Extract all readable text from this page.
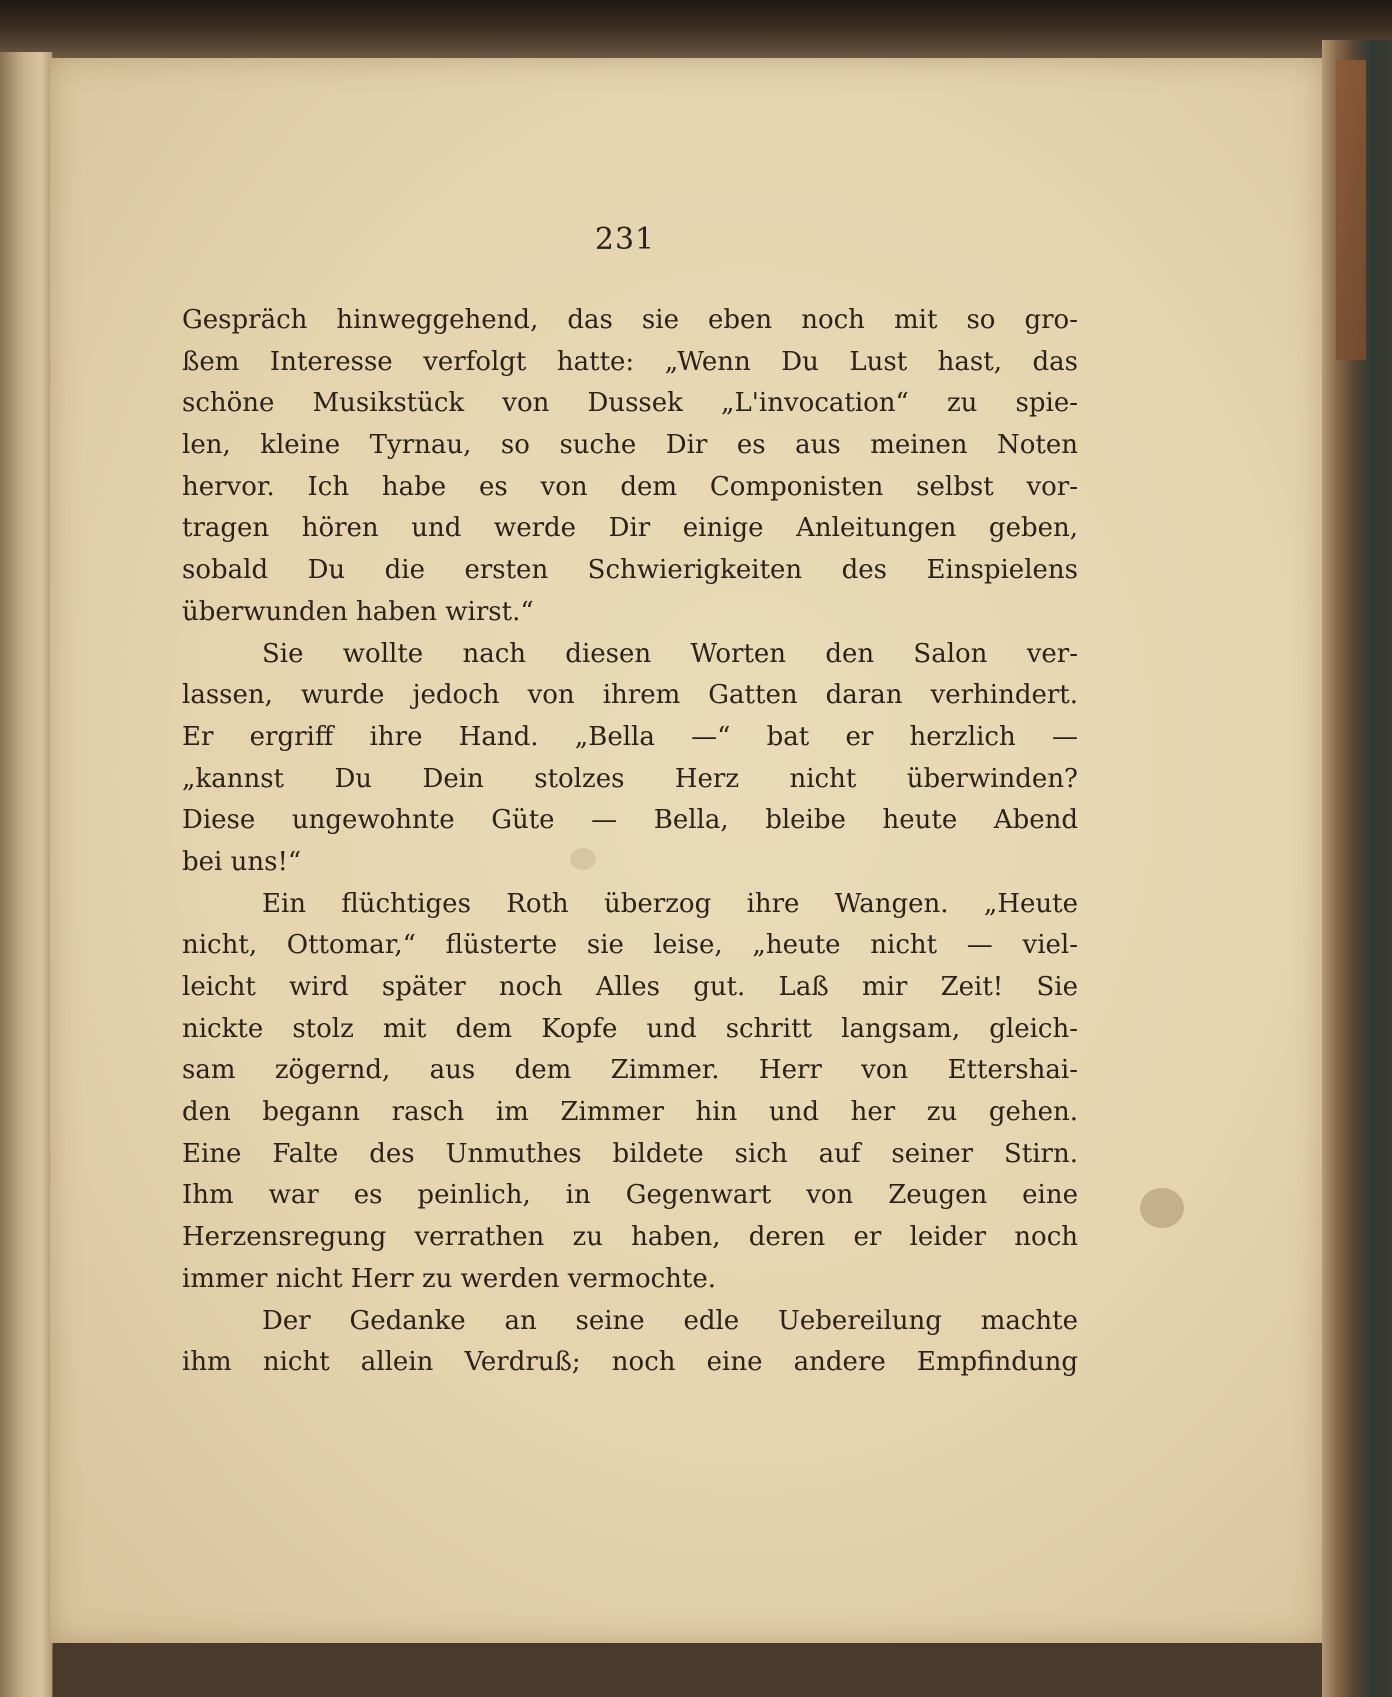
231
Gespräch hinweggehend, das sie eben noch mit so gro-
ßem Interesse verfolgt hatte: „Wenn Du Lust hast, das
schöne Musikstück von Dussek „L'invocation“ zu spie-
len, kleine Tyrnau, so suche Dir es aus meinen Noten
hervor. Ich habe es von dem Componisten selbst vor-
tragen hören und werde Dir einige Anleitungen geben,
sobald Du die ersten Schwierigkeiten des Einspielens
überwunden haben wirst.“
Sie wollte nach diesen Worten den Salon ver-
lassen, wurde jedoch von ihrem Gatten daran verhindert.
Er ergriff ihre Hand. „Bella —“ bat er herzlich —
„kannst Du Dein stolzes Herz nicht überwinden?
Diese ungewohnte Güte — Bella, bleibe heute Abend
bei uns!“
Ein flüchtiges Roth überzog ihre Wangen. „Heute
nicht, Ottomar,“ flüsterte sie leise, „heute nicht — viel-
leicht wird später noch Alles gut. Laß mir Zeit! Sie
nickte stolz mit dem Kopfe und schritt langsam, gleich-
sam zögernd, aus dem Zimmer. Herr von Ettershai-
den begann rasch im Zimmer hin und her zu gehen.
Eine Falte des Unmuthes bildete sich auf seiner Stirn.
Ihm war es peinlich, in Gegenwart von Zeugen eine
Herzensregung verrathen zu haben, deren er leider noch
immer nicht Herr zu werden vermochte.
Der Gedanke an seine edle Uebereilung machte
ihm nicht allein Verdruß; noch eine andere Empfindung
